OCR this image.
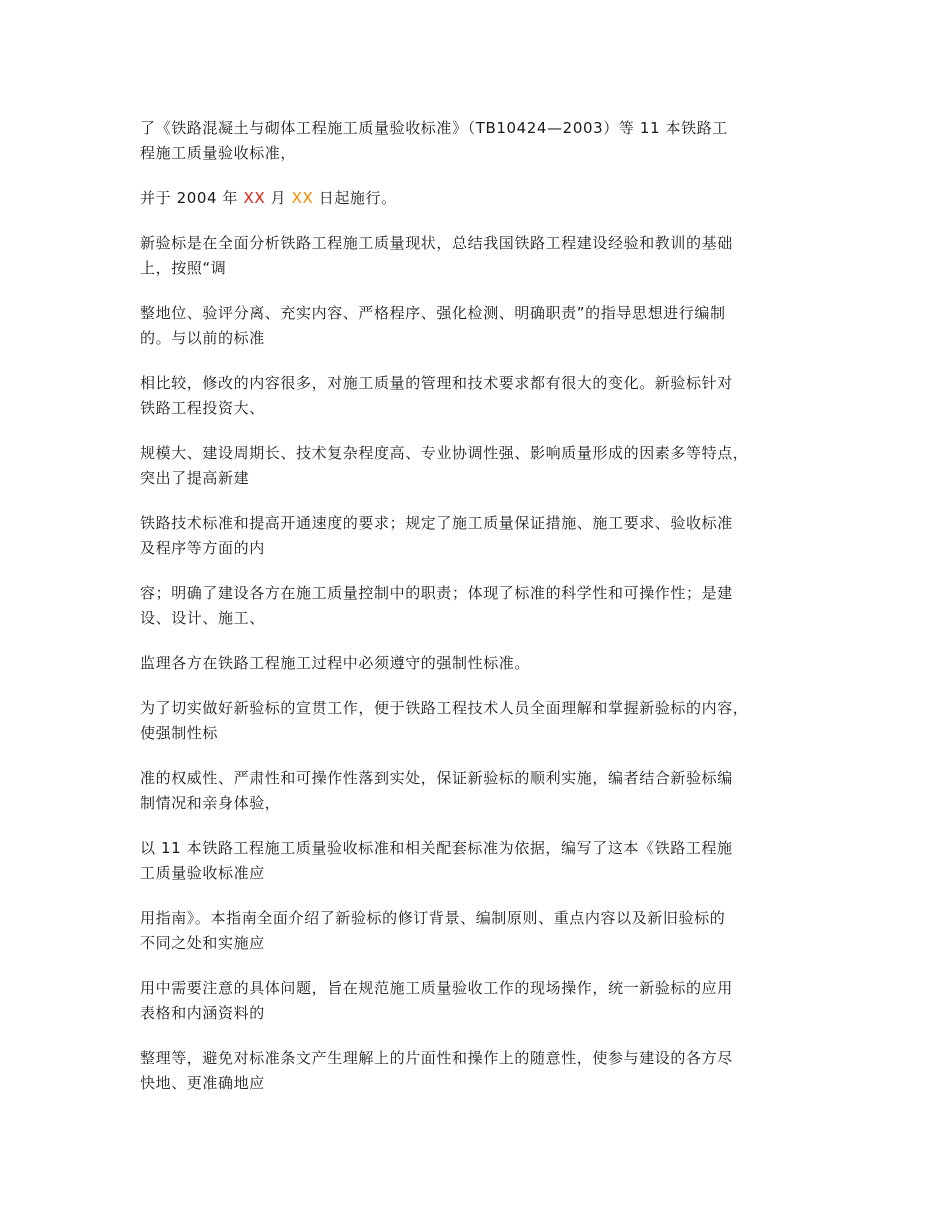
了《铁路混凝土与砌体工程施工质量验收标准》（TB10424—2003）等 11 本铁路工
程施工质量验收标准，

并于 2004 年 XX 月 XX 日起施行。

新验标是在全面分析铁路工程施工质量现状，总结我国铁路工程建设经验和教训的基础
上，按照“调

整地位、验评分离、充实内容、严格程序、强化检测、明确职责”的指导思想进行编制
的。与以前的标准

相比较，修改的内容很多，对施工质量的管理和技术要求都有很大的变化。新验标针对
铁路工程投资大、

规模大、建设周期长、技术复杂程度高、专业协调性强、影响质量形成的因素多等特点，
突出了提高新建

铁路技术标准和提高开通速度的要求；规定了施工质量保证措施、施工要求、验收标准
及程序等方面的内

容；明确了建设各方在施工质量控制中的职责；体现了标准的科学性和可操作性；是建
设、设计、施工、

监理各方在铁路工程施工过程中必须遵守的强制性标准。

为了切实做好新验标的宣贯工作，便于铁路工程技术人员全面理解和掌握新验标的内容，
使强制性标

准的权威性、严肃性和可操作性落到实处，保证新验标的顺利实施，编者结合新验标编
制情况和亲身体验，

以 11 本铁路工程施工质量验收标准和相关配套标准为依据，编写了这本《铁路工程施
工质量验收标准应

用指南》。本指南全面介绍了新验标的修订背景、编制原则、重点内容以及新旧验标的
不同之处和实施应

用中需要注意的具体问题，旨在规范施工质量验收工作的现场操作，统一新验标的应用
表格和内涵资料的

整理等，避免对标准条文产生理解上的片面性和操作上的随意性，使参与建设的各方尽
快地、更准确地应
